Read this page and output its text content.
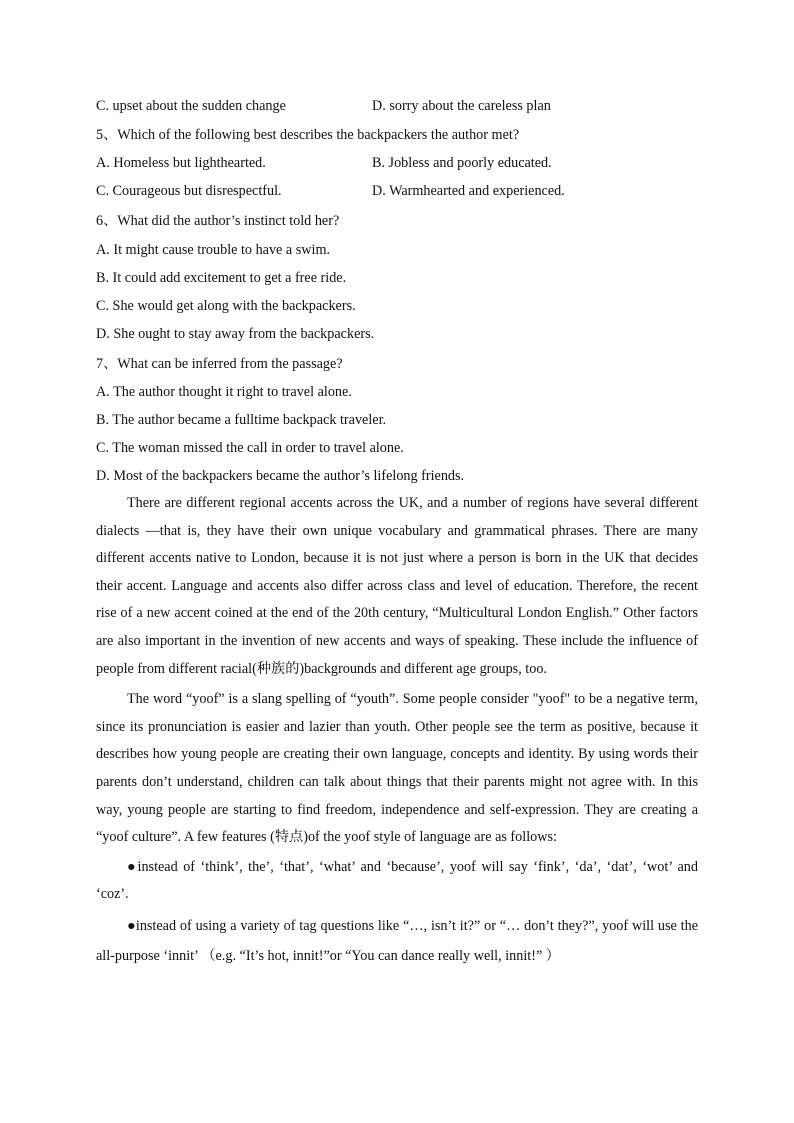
C. upset about the sudden change	D. sorry about the careless plan
5、Which of the following best describes the backpackers the author met?
A. Homeless but lighthearted.	B. Jobless and poorly educated.
C. Courageous but disrespectful.	D. Warmhearted and experienced.
6、What did the author’s instinct told her?
A. It might cause trouble to have a swim.
B. It could add excitement to get a free ride.
C. She would get along with the backpackers.
D. She ought to stay away from the backpackers.
7、What can be inferred from the passage?
A. The author thought it right to travel alone.
B. The author became a fulltime backpack traveler.
C. The woman missed the call in order to travel alone.
D. Most of the backpackers became the author’s lifelong friends.

There are different regional accents across the UK, and a number of regions have several different dialects —that is, they have their own unique vocabulary and grammatical phrases. There are many different accents native to London, because it is not just where a person is born in the UK that decides their accent. Language and accents also differ across class and level of education. Therefore, the recent rise of a new accent coined at the end of the 20th century, “Multicultural London English.” Other factors are also important in the invention of new accents and ways of speaking. These include the influence of people from different racial(种族的)backgrounds and different age groups, too.

The word “yoof” is a slang spelling of “youth”. Some people consider "yoof" to be a negative term, since its pronunciation is easier and lazier than youth. Other people see the term as positive, because it describes how young people are creating their own language, concepts and identity. By using words their parents don’t understand, children can talk about things that their parents might not agree with. In this way, young people are starting to find freedom, independence and self-expression. They are creating a “yoof culture”. A few features (特点)of the yoof style of language are as follows:

●instead of ‘think’, the’, ‘that’, ‘what’ and ‘because’, yoof will say ‘fink’, ‘da’, ‘dat’, ‘wot’ and ‘coz’.

●instead of using a variety of tag questions like “…, isn’t it?” or “… don’t they?”, yoof will use the all-purpose ‘innit’ （e.g. “It’s hot, innit!”or “You can dance really well, innit!” ）
